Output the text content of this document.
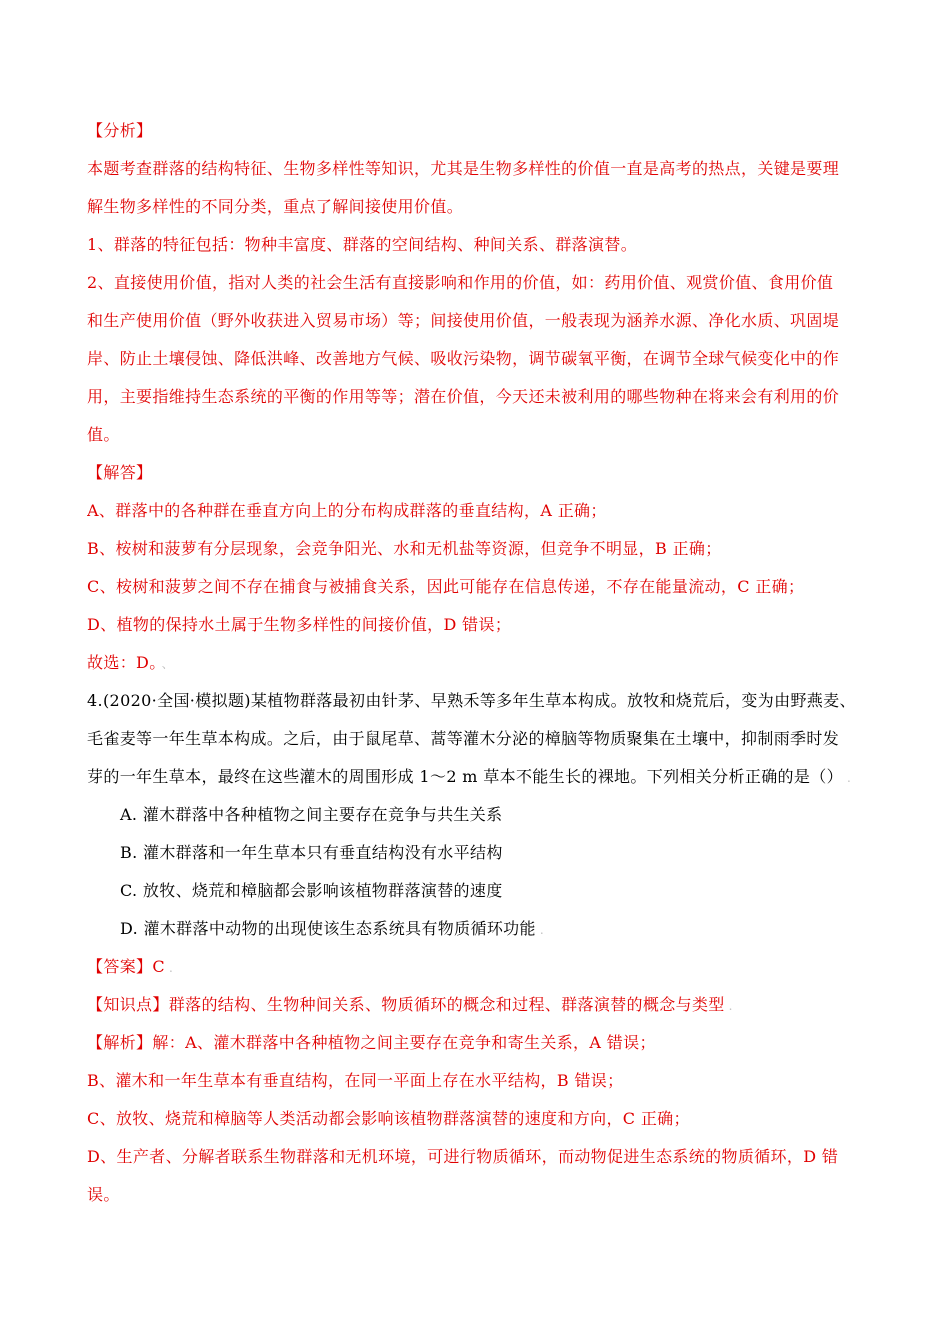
【分析】
本题考查群落的结构特征、生物多样性等知识，尤其是生物多样性的价值一直是高考的热点，关键是要理
解生物多样性的不同分类，重点了解间接使用价值。
1、群落的特征包括：物种丰富度、群落的空间结构、种间关系、群落演替。
2、直接使用价值，指对人类的社会生活有直接影响和作用的价值，如：药用价值、观赏价值、食用价值
和生产使用价值（野外收获进入贸易市场）等；间接使用价值，一般表现为涵养水源、净化水质、巩固堤
岸、防止土壤侵蚀、降低洪峰、改善地方气候、吸收污染物，调节碳氧平衡，在调节全球气候变化中的作
用，主要指维持生态系统的平衡的作用等等；潜在价值，今天还未被利用的哪些物种在将来会有利用的价
值。
【解答】
A、群落中的各种群在垂直方向上的分布构成群落的垂直结构，A 正确；
B、桉树和菠萝有分层现象，会竞争阳光、水和无机盐等资源，但竞争不明显，B 正确；
C、桉树和菠萝之间不存在捕食与被捕食关系，因此可能存在信息传递，不存在能量流动，C 正确；
D、植物的保持水土属于生物多样性的间接价值，D 错误；
故选：D。 、
4.(2020·全国·模拟题)某植物群落最初由针茅、早熟禾等多年生草本构成。放牧和烧荒后，变为由野燕麦、
毛雀麦等一年生草本构成。之后，由于鼠尾草、蒿等灌木分泌的樟脑等物质聚集在土壤中，抑制雨季时发
芽的一年生草本，最终在这些灌木的周围形成 1～2 m 草本不能生长的裸地。下列相关分析正确的是（） .
A. 灌木群落中各种植物之间主要存在竞争与共生关系
B. 灌木群落和一年生草本只有垂直结构没有水平结构
C. 放牧、烧荒和樟脑都会影响该植物群落演替的速度
D. 灌木群落中动物的出现使该生态系统具有物质循环功能 .
【答案】C .
【知识点】群落的结构、生物种间关系、物质循环的概念和过程、群落演替的概念与类型 .
【解析】解：A、灌木群落中各种植物之间主要存在竞争和寄生关系，A 错误；
B、灌木和一年生草本有垂直结构，在同一平面上存在水平结构，B 错误；
C、放牧、烧荒和樟脑等人类活动都会影响该植物群落演替的速度和方向，C 正确；
D、生产者、分解者联系生物群落和无机环境，可进行物质循环，而动物促进生态系统的物质循环，D 错
误。
